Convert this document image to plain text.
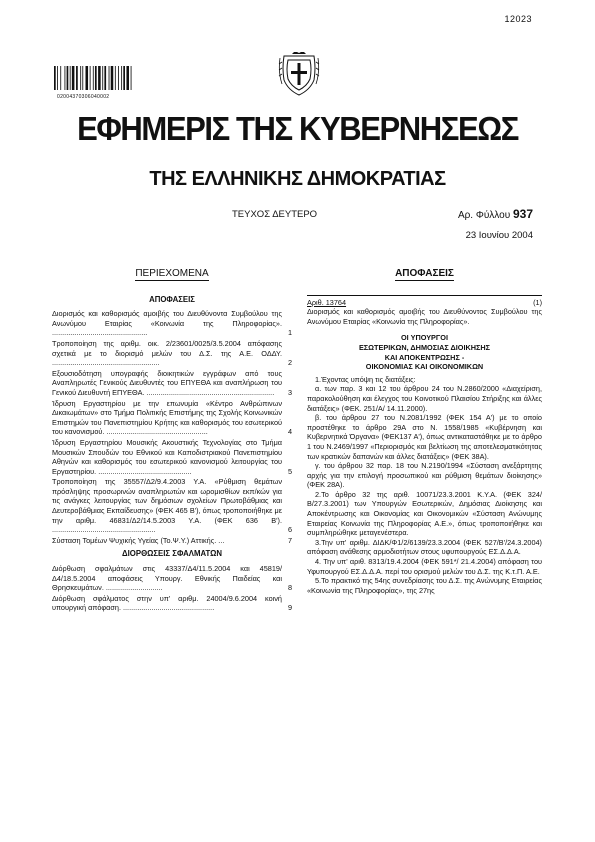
12023
02004370306040002
ΕΦΗΜΕΡΙΣ ΤΗΣ ΚΥΒΕΡΝΗΣΕΩΣ
ΤΗΣ ΕΛΛΗΝΙΚΗΣ ΔΗΜΟΚΡΑΤΙΑΣ
ΤΕΥΧΟΣ ΔΕΥΤΕΡΟ	Αρ. Φύλλου 937
23 Ιουνίου 2004
ΠΕΡΙΕΧΟΜΕΝΑ
ΑΠΟΦΑΣΕΙΣ
Διορισμός και καθορισμός αμοιβής του Διευθύνοντα Συμβούλου της Ανωνύμου Εταιρίας «Κοινωνία της Πληροφορίας». ...............................................	1
Τροποποίηση της αριθμ. οικ. 2/23601/0025/3.5.2004 απόφασης σχετικά με το διορισμό μελών του Δ.Σ. της Α.Ε. ΟΔΔΥ. .....................................................	2
Εξουσιοδότηση υπογραφής διοικητικών εγγράφων από τους Αναπληρωτές Γενικούς Διευθυντές του ΕΠΥΕΘΑ και αναπλήρωση του Γενικού Διευθυντή ΕΠΥΕΘΑ. ...............................................................	3
Ίδρυση Εργαστηρίου με την επωνυμία «Κέντρο Ανθρώπινων Δικαιωμάτων» στο Τμήμα Πολιτικής Επιστήμης της Σχολής Κοινωνικών Επιστημών του Πανεπιστημίου Κρήτης και καθορισμός του εσωτερικού του κανονισμού. ..................................................	4
Ίδρυση Εργαστηρίου Μουσικής Ακουστικής Τεχνολογίας στο Τμήμα Μουσικών Σπουδών του Εθνικού και Καποδιστριακού Πανεπιστημίου Αθηνών και καθορισμός του εσωτερικού κανονισμού λειτουργίας του Εργαστηρίου. ..............................................	5
Τροποποίηση της 35557/Δ2/9.4.2003 Υ.Α. «Ρύθμιση θεμάτων πρόσληψης προσωρινών αναπληρωτών και ωρομισθίων εκπ/κών για τις ανάγκες λειτουργίας των δημόσιων σχολείων Πρωτοβάθμιας και Δευτεροβάθμιας Εκπαίδευσης» (ΦΕΚ 465 Β'), όπως τροποποιήθηκε με την αριθμ. 46831/Δ2/14.5.2003 Υ.Α. (ΦΕΚ 636 Β'). ...................................................	6
Σύσταση Τομέων Ψυχικής Υγείας (Το.Ψ.Υ.) Αττικής. ...	7
ΔΙΟΡΘΩΣΕΙΣ ΣΦΑΛΜΑΤΩΝ
Διόρθωση σφαλμάτων στις 43337/Δ4/11.5.2004 και 45819/Δ4/18.5.2004 αποφάσεις Υπουργ. Εθνικής Παιδείας και Θρησκευμάτων. ............................	8
Διόρθωση σφάλματος στην υπ' αριθμ. 24004/9.6.2004 κοινή υπουργική απόφαση. .............................................	9
ΑΠΟΦΑΣΕΙΣ
Αριθ. 13764	(1)

Διορισμός και καθορισμός αμοιβής του Διευθύνοντος Συμβούλου της Ανωνύμου Εταιρίας «Κοινωνία της Πληροφορίας».

ΟΙ ΥΠΟΥΡΓΟΙ

ΕΣΩΤΕΡΙΚΩΝ, ΔΗΜΟΣΙΑΣ ΔΙΟΙΚΗΣΗΣ

ΚΑΙ ΑΠΟΚΕΝΤΡΩΣΗΣ -

ΟΙΚΟΝΟΜΙΑΣ ΚΑΙ ΟΙΚΟΝΟΜΙΚΩΝ

1.Έχοντας υπόψη τις διατάξεις:

α. των παρ. 3 και 12 του άρθρου 24 του Ν.2860/2000 «Διαχείριση, παρακολούθηση και έλεγχος του Κοινοτικού Πλαισίου Στήριξης και άλλες διατάξεις» (ΦΕΚ. 251/Α/ 14.11.2000).

β. του άρθρου 27 του Ν.2081/1992 (ΦΕΚ 154 Α') με το οποίο προστέθηκε το άρθρο 29Α στο Ν. 1558/1985 «Κυβέρνηση και Κυβερνητικά Όργανα» (ΦΕΚ137 Α'), όπως αντικαταστάθηκε με το άρθρο 1 του Ν.2469/1997 «Περιορισμός και βελτίωση της αποτελεσματικότητας των κρατικών δαπανών και άλλες διατάξεις» (ΦΕΚ 38Α).

γ. του άρθρου 32 παρ. 18 του Ν.2190/1994 «Σύσταση ανεξάρτητης αρχής για την επιλογή προσωπικού και ρύθμιση θεμάτων διοίκησης» (ΦΕΚ 28Α).

2.Το άρθρο 32 της αριθ. 10071/23.3.2001 Κ.Υ.Α. (ΦΕΚ 324/Β/27.3.2001) των Υπουργών Εσωτερικών, Δημόσιας Διοίκησης και Αποκέντρωσης και Οικονομίας και Οικονομικών «Σύσταση Ανώνυμης Εταιρείας Κοινωνία της Πληροφορίας Α.Ε.», όπως τροποποιήθηκε και συμπληρώθηκε μεταγενέστερα.

3.Την υπ' αριθμ. ΔΙΔΚ/Φ1/2/6139/23.3.2004 (ΦΕΚ 527/Β'/24.3.2004) απόφαση ανάθεσης αρμοδιοτήτων στους υφυπουργούς ΕΣ.Δ.Δ.Α.

4. Την υπ' αριθ. 8313/19.4.2004 (ΦΕΚ 591*/ 21.4.2004) απόφαση του Υφυπουργού ΕΣ.Δ.Δ.Α. περί του ορισμού μελών του Δ.Σ. της Κ.τ.Π. Α.Ε.

5.Το πρακτικό της 54ης συνεδρίασης του Δ.Σ. της Ανώνυμης Εταιρείας «Κοινωνία της Πληροφορίας», της 27ης
